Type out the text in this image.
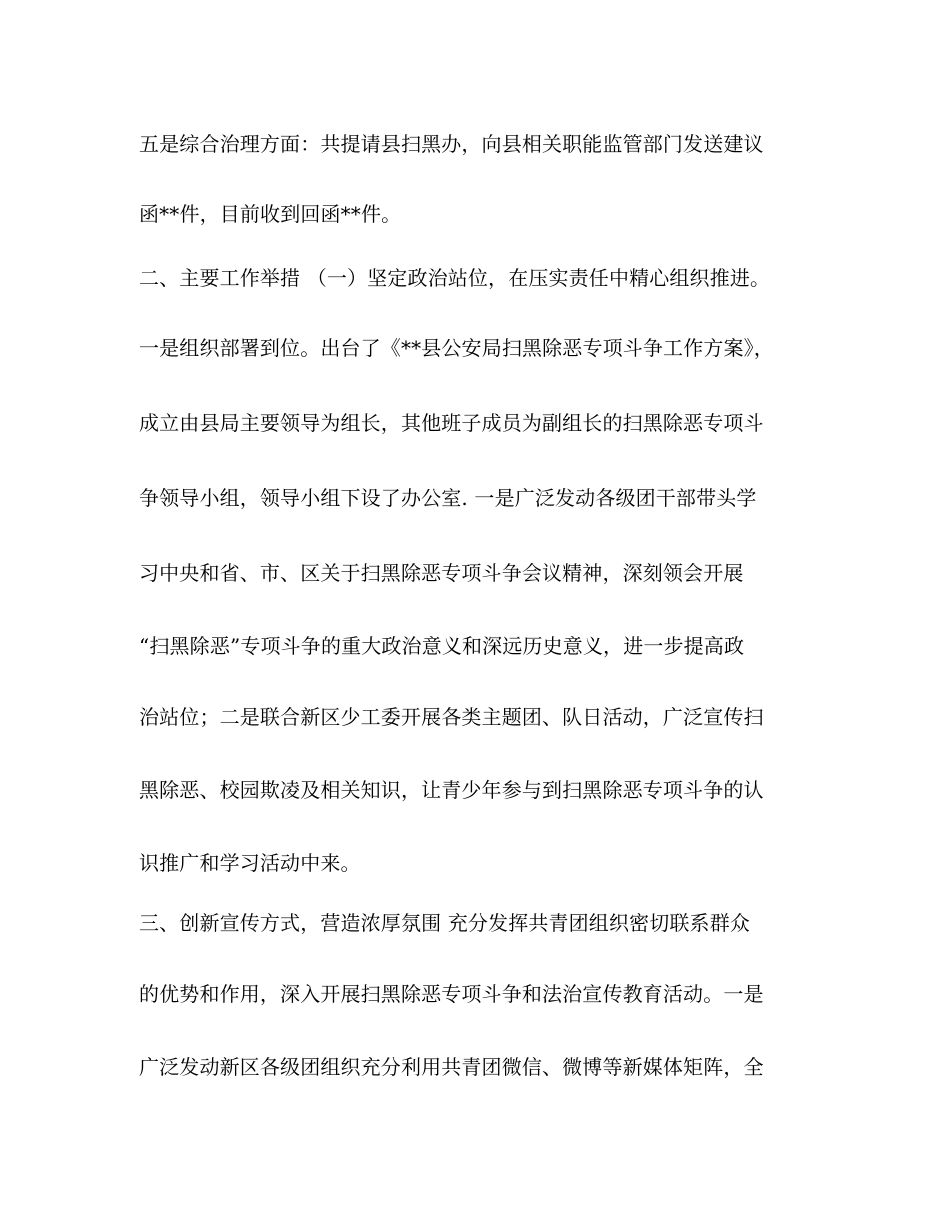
五是综合治理方面：共提请县扫黑办，向县相关职能监管部门发送建议
函**件，目前收到回函**件。
二、主要工作举措 （一）坚定政治站位，在压实责任中精心组织推进。
一是组织部署到位。出台了《**县公安局扫黑除恶专项斗争工作方案》，
成立由县局主要领导为组长，其他班子成员为副组长的扫黑除恶专项斗
争领导小组，领导小组下设了办公室. 一是广泛发动各级团干部带头学
习中央和省、市、区关于扫黑除恶专项斗争会议精神，深刻领会开展
“扫黑除恶”专项斗争的重大政治意义和深远历史意义，进一步提高政
治站位；二是联合新区少工委开展各类主题团、队日活动，广泛宣传扫
黑除恶、校园欺凌及相关知识，让青少年参与到扫黑除恶专项斗争的认
识推广和学习活动中来。
三、创新宣传方式，营造浓厚氛围 充分发挥共青团组织密切联系群众
的优势和作用，深入开展扫黑除恶专项斗争和法治宣传教育活动。一是
广泛发动新区各级团组织充分利用共青团微信、微博等新媒体矩阵，全
